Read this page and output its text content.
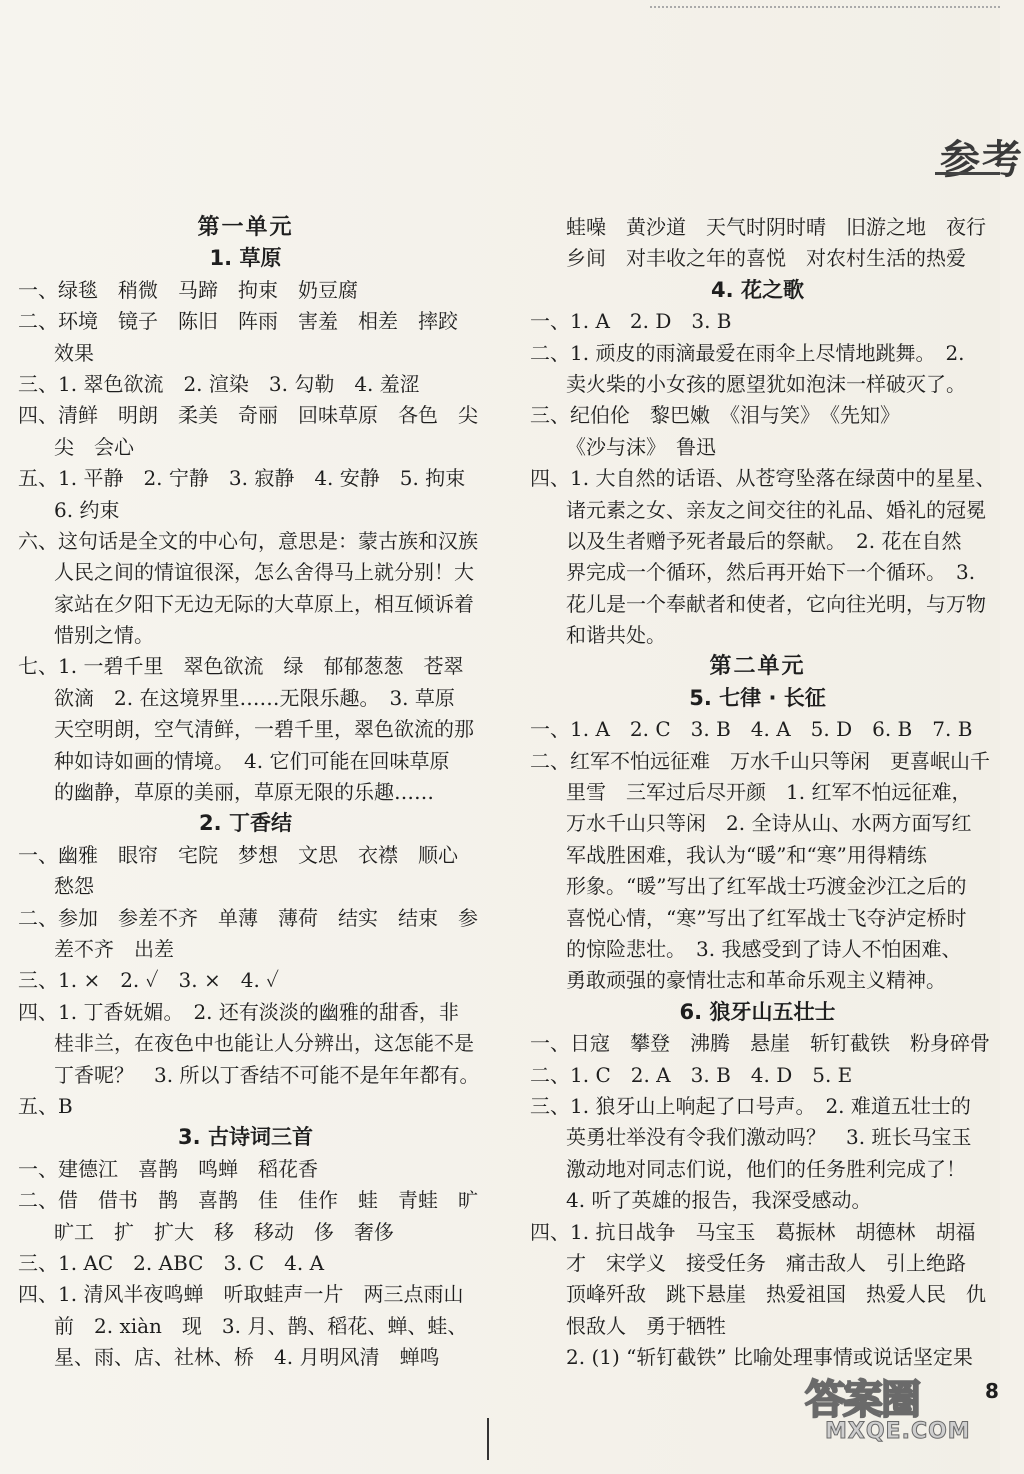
参考
第一单元
1. 草原
一、绿毯　稍微　马蹄　拘束　奶豆腐
二、环境　镜子　陈旧　阵雨　害羞　相差　摔跤
效果
三、1. 翠色欲流　2. 渲染　3. 勾勒　4. 羞涩
四、清鲜　明朗　柔美　奇丽　回味草原　各色　尖
尖　会心
五、1. 平静　2. 宁静　3. 寂静　4. 安静　5. 拘束
6. 约束
六、这句话是全文的中心句，意思是：蒙古族和汉族
人民之间的情谊很深，怎么舍得马上就分别！大
家站在夕阳下无边无际的大草原上，相互倾诉着
惜别之情。
七、1. 一碧千里　翠色欲流　绿　郁郁葱葱　苍翠
欲滴　2. 在这境界里……无限乐趣。　3. 草原
天空明朗，空气清鲜，一碧千里，翠色欲流的那
种如诗如画的情境。　4. 它们可能在回味草原
的幽静，草原的美丽，草原无限的乐趣……
2. 丁香结
一、幽雅　眼帘　宅院　梦想　文思　衣襟　顺心
愁怨
二、参加　参差不齐　单薄　薄荷　结实　结束　参
差不齐　出差
三、1. ×　2. ✓　3. ×　4. ✓
四、1. 丁香妩媚。　2. 还有淡淡的幽雅的甜香，非
桂非兰，在夜色中也能让人分辨出，这怎能不是
丁香呢？　3. 所以丁香结不可能不是年年都有。
五、B
3. 古诗词三首
一、建德江　喜鹊　鸣蝉　稻花香
二、借　借书　鹊　喜鹊　佳　佳作　蛙　青蛙　旷
旷工　扩　扩大　移　移动　侈　奢侈
三、1. AC　2. ABC　3. C　4. A
四、1. 清风半夜鸣蝉　听取蛙声一片　两三点雨山
前　2. xiàn　现　3. 月、鹊、稻花、蝉、蛙、
星、雨、店、社林、桥　4. 月明风清　蝉鸣
蛙噪　黄沙道　天气时阴时晴　旧游之地　夜行
乡间　对丰收之年的喜悦　对农村生活的热爱
4. 花之歌
一、1. A　2. D　3. B
二、1. 顽皮的雨滴最爱在雨伞上尽情地跳舞。　2.
卖火柴的小女孩的愿望犹如泡沫一样破灭了。
三、纪伯伦　黎巴嫩　《泪与笑》　《先知》
《沙与沫》　鲁迅
四、1. 大自然的话语、从苍穹坠落在绿茵中的星星、
诸元素之女、亲友之间交往的礼品、婚礼的冠冕
以及生者赠予死者最后的祭献。　2. 花在自然
界完成一个循环，然后再开始下一个循环。　3.
花儿是一个奉献者和使者，它向往光明，与万物
和谐共处。
第二单元
5. 七律 · 长征
一、1. A　2. C　3. B　4. A　5. D　6. B　7. B
二、红军不怕远征难　万水千山只等闲　更喜岷山千
里雪　三军过后尽开颜　1. 红军不怕远征难，
万水千山只等闲　2. 全诗从山、水两方面写红
军战胜困难，我认为“暖”和“寒”用得精练
形象。“暖”写出了红军战士巧渡金沙江之后的
喜悦心情，“寒”写出了红军战士飞夺泸定桥时
的惊险悲壮。　3. 我感受到了诗人不怕困难、
勇敢顽强的豪情壮志和革命乐观主义精神。
6. 狼牙山五壮士
一、日寇　攀登　沸腾　悬崖　斩钉截铁　粉身碎骨
二、1. C　2. A　3. B　4. D　5. E
三、1. 狼牙山上响起了口号声。　2. 难道五壮士的
英勇壮举没有令我们激动吗？　3. 班长马宝玉
激动地对同志们说，他们的任务胜利完成了！
4. 听了英雄的报告，我深受感动。
四、1. 抗日战争　马宝玉　葛振林　胡德林　胡福
才　宋学义　接受任务　痛击敌人　引上绝路
顶峰歼敌　跳下悬崖　热爱祖国　热爱人民　仇
恨敌人　勇于牺牲
2. (1) “斩钉截铁” 比喻处理事情或说话坚定果
答案圈
MXQE.COM
8
